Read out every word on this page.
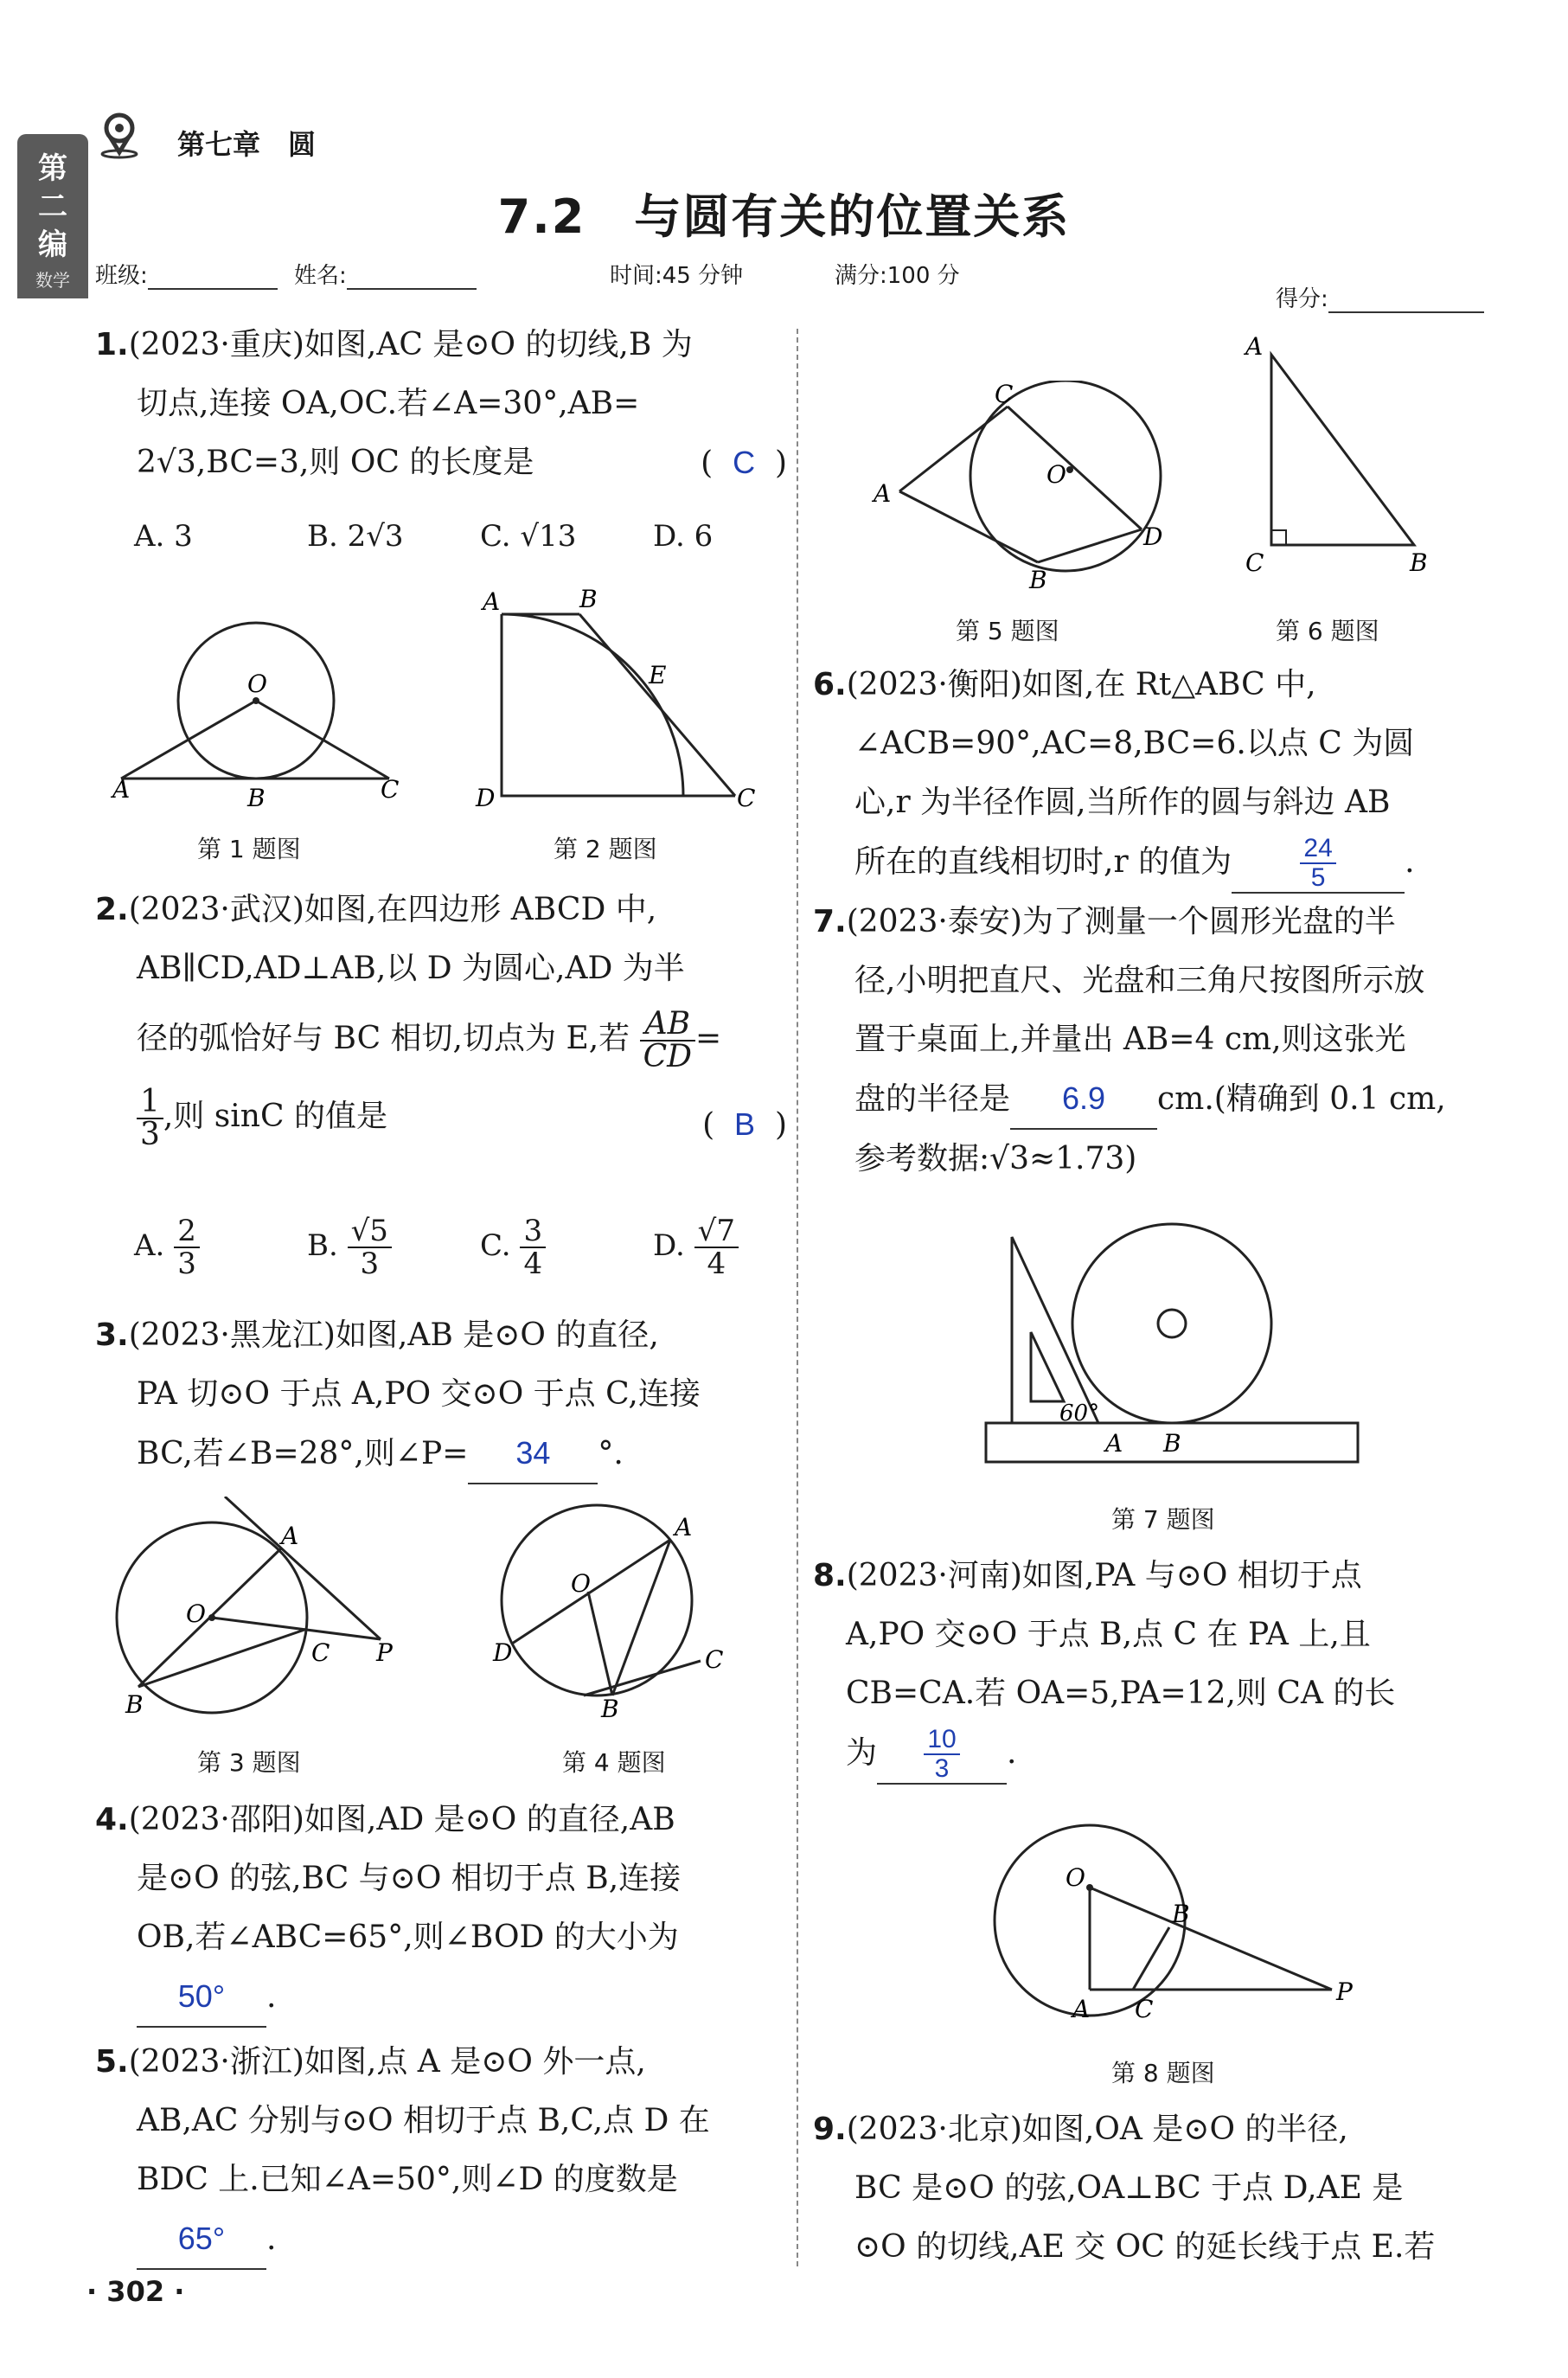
第七章　圆
第
二
编
数学
7.2　与圆有关的位置关系
班级:	姓名:	时间:45 分钟	满分:100 分
得分:
1.(2023·重庆)如图,AC 是⊙O 的切线,B 为
切点,连接 OA,OC.若∠A=30°,AB=
2√3,BC=3,则 OC 的长度是	(  C  )
A. 3	B. 2√3	C. √13	D. 6
O
A	B	C
第 1 题图
A	B
E
D	C
第 2 题图
2.(2023·武汉)如图,在四边形 ABCD 中,
AB∥CD,AD⊥AB,以 D 为圆心,AD 为半
径的弧恰好与 BC 相切,切点为 E,若 $\frac{AB}{CD}$ =
$\frac{1}{3}$ ,则 sinC 的值是	(  B  )
A. $\frac{2}{3}$	B. $\frac{√5}{3}$	C. $\frac{3}{4}$	D. $\frac{√7}{4}$
3.(2023·黑龙江)如图,AB 是⊙O 的直径,
PA 切⊙O 于点 A,PO 交⊙O 于点 C,连接
BC,若∠B=28°,则∠P= 34 °.
O
A
C P
B
第 3 题图
O
A
D
B
C
第 4 题图
4.(2023·邵阳)如图,AD 是⊙O 的直径,AB
是⊙O 的弦,BC 与⊙O 相切于点 B,连接
OB,若∠ABC=65°,则∠BOD 的大小为
50° .
5.(2023·浙江)如图,点 A 是⊙O 外一点,
AB,AC 分别与⊙O 相切于点 B,C,点 D 在
BDC 上.已知∠A=50°,则∠D 的度数是
65° .
· 302 ·
O
A
C
B
D
第 5 题图
A
C	B
第 6 题图
6.(2023·衡阳)如图,在 Rt△ABC 中,
∠ACB=90°,AC=8,BC=6.以点 C 为圆
心,r 为半径作圆,当所作的圆与斜边 AB
所在的直线相切时,r 的值为	$\frac{24}{5}$ .
7.(2023·泰安)为了测量一个圆形光盘的半
径,小明把直尺、光盘和三角尺按图所示放
置于桌面上,并量出 AB=4 cm,则这张光
盘的半径是 6.9 cm.(精确到 0.1 cm,
参考数据:√3≈1.73)
60°
A B
第 7 题图
8.(2023·河南)如图,PA 与⊙O 相切于点
A,PO 交⊙O 于点 B,点 C 在 PA 上,且
CB=CA.若 OA=5,PA=12,则 CA 的长
为 $\frac{10}{3}$ .
O
B
A C
P
第 8 题图
9.(2023·北京)如图,OA 是⊙O 的半径,
BC 是⊙O 的弦,OA⊥BC 于点 D,AE 是
⊙O 的切线,AE 交 OC 的延长线于点 E.若
